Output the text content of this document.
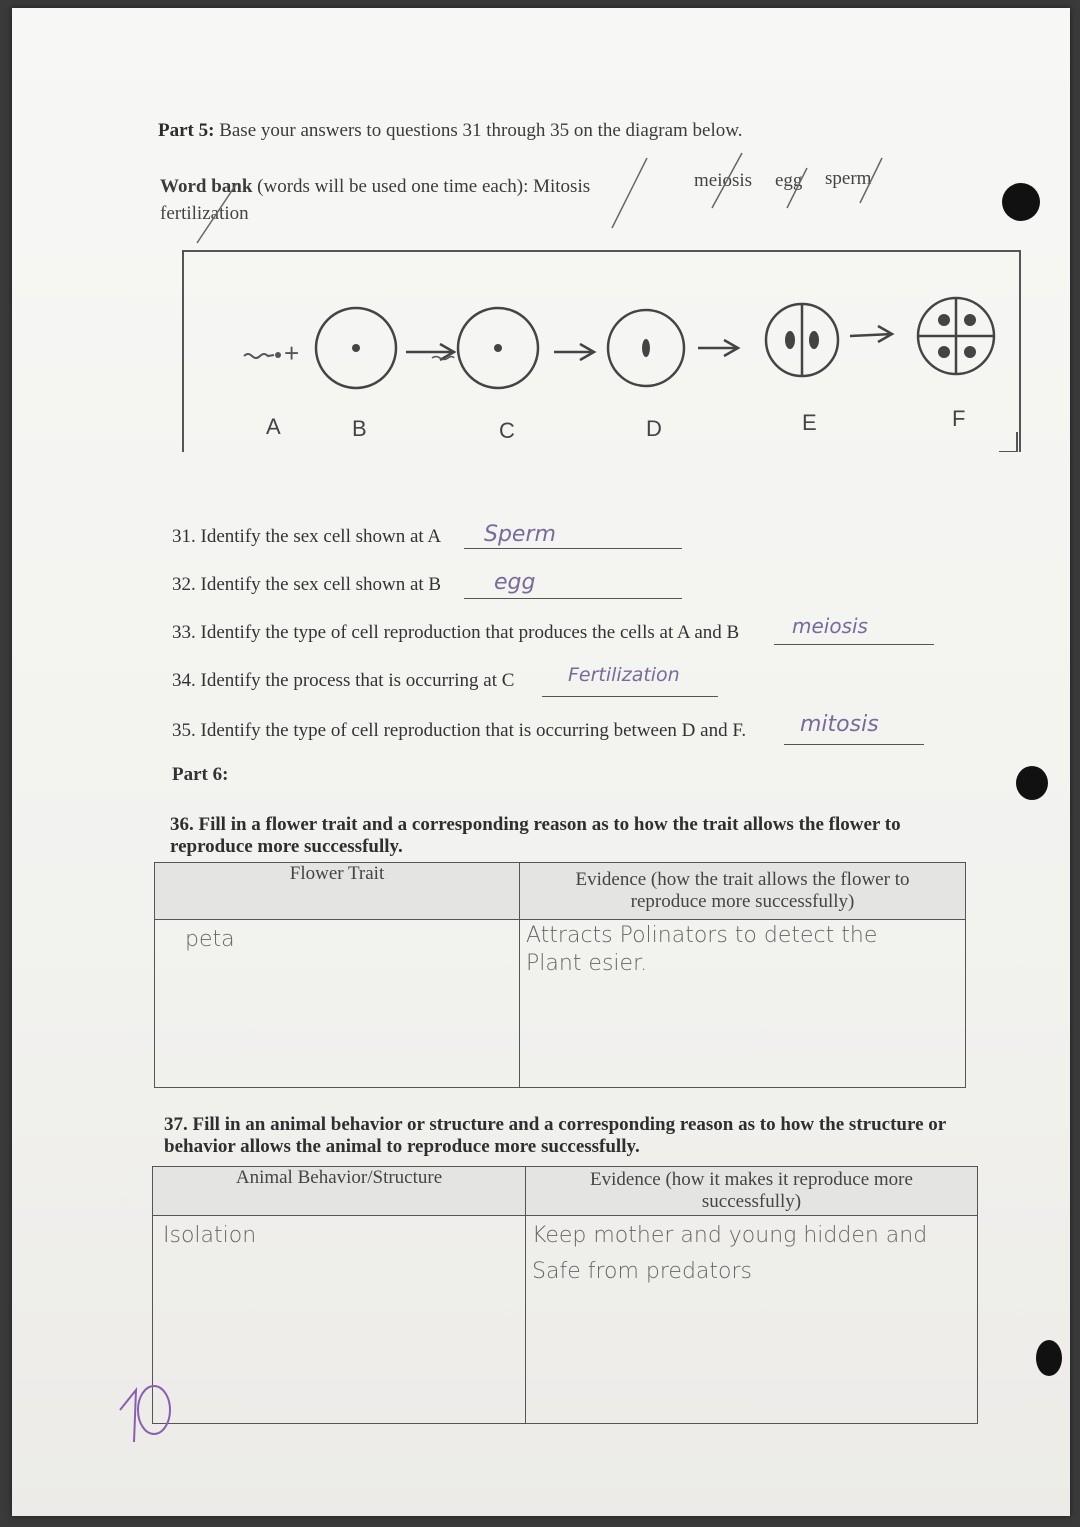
Part 5: Base your answers to questions 31 through 35 on the diagram below.
Word bank (words will be used one time each): Mitosis	meiosis egg sperm
fertilization
+
A	B	C	D	E	F
31. Identify the sex cell shown at A Sperm
32. Identify the sex cell shown at B egg
33. Identify the type of cell reproduction that produces the cells at A and B	meiosis
34. Identify the process that is occurring at C	Fertilization
35. Identify the type of cell reproduction that is occurring between D and F. mitosis
Part 6:
36. Fill in a flower trait and a corresponding reason as to how the trait allows the flower to reproduce more successfully.
Flower Trait	Evidence (how the trait allows the flower to reproduce more successfully)

peta	Attracts Polinators to detect the Plant esier.
37. Fill in an animal behavior or structure and a corresponding reason as to how the structure or behavior allows the animal to reproduce more successfully.
Animal Behavior/Structure	Evidence (how it makes it reproduce more successfully)

Isolation	Keep mother and young hidden and Safe from predators
